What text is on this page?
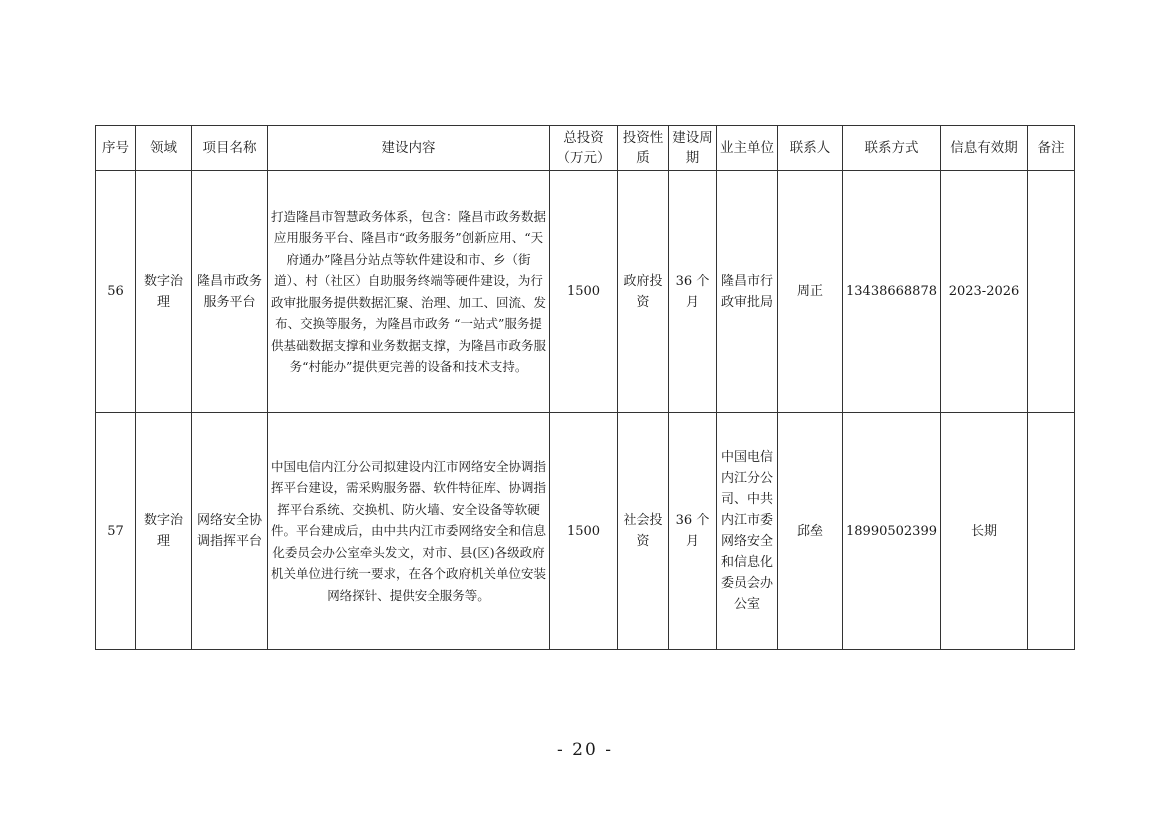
序号	领域	项目名称	建设内容	总投资（万元）	投资性质	建设周期	业主单位	联系人	联系方式	信息有效期	备注
56	数字治理	隆昌市政务服务平台	打造隆昌市智慧政务体系，包含：隆昌市政务数据应用服务平台、隆昌市“政务服务”创新应用、“天府通办”隆昌分站点等软件建设和市、乡（街道）、村（社区）自助服务终端等硬件建设，为行政审批服务提供数据汇聚、治理、加工、回流、发布、交换等服务，为隆昌市政务 “一站式”服务提供基础数据支撑和业务数据支撑，为隆昌市政务服务“村能办”提供更完善的设备和技术支持。	1500	政府投资	36 个月	隆昌市行政审批局	周正	13438668878	2023-2026	
57	数字治理	网络安全协调指挥平台	中国电信内江分公司拟建设内江市网络安全协调指挥平台建设，需采购服务器、软件特征库、协调指挥平台系统、交换机、防火墙、安全设备等软硬件。平台建成后，由中共内江市委网络安全和信息化委员会办公室牵头发文，对市、县(区)各级政府机关单位进行统一要求，在各个政府机关单位安装网络探针、提供安全服务等。	1500	社会投资	36 个月	中国电信内江分公司、中共内江市委网络安全和信息化委员会办公室	邱垒	18990502399	长期	
- 20 -
